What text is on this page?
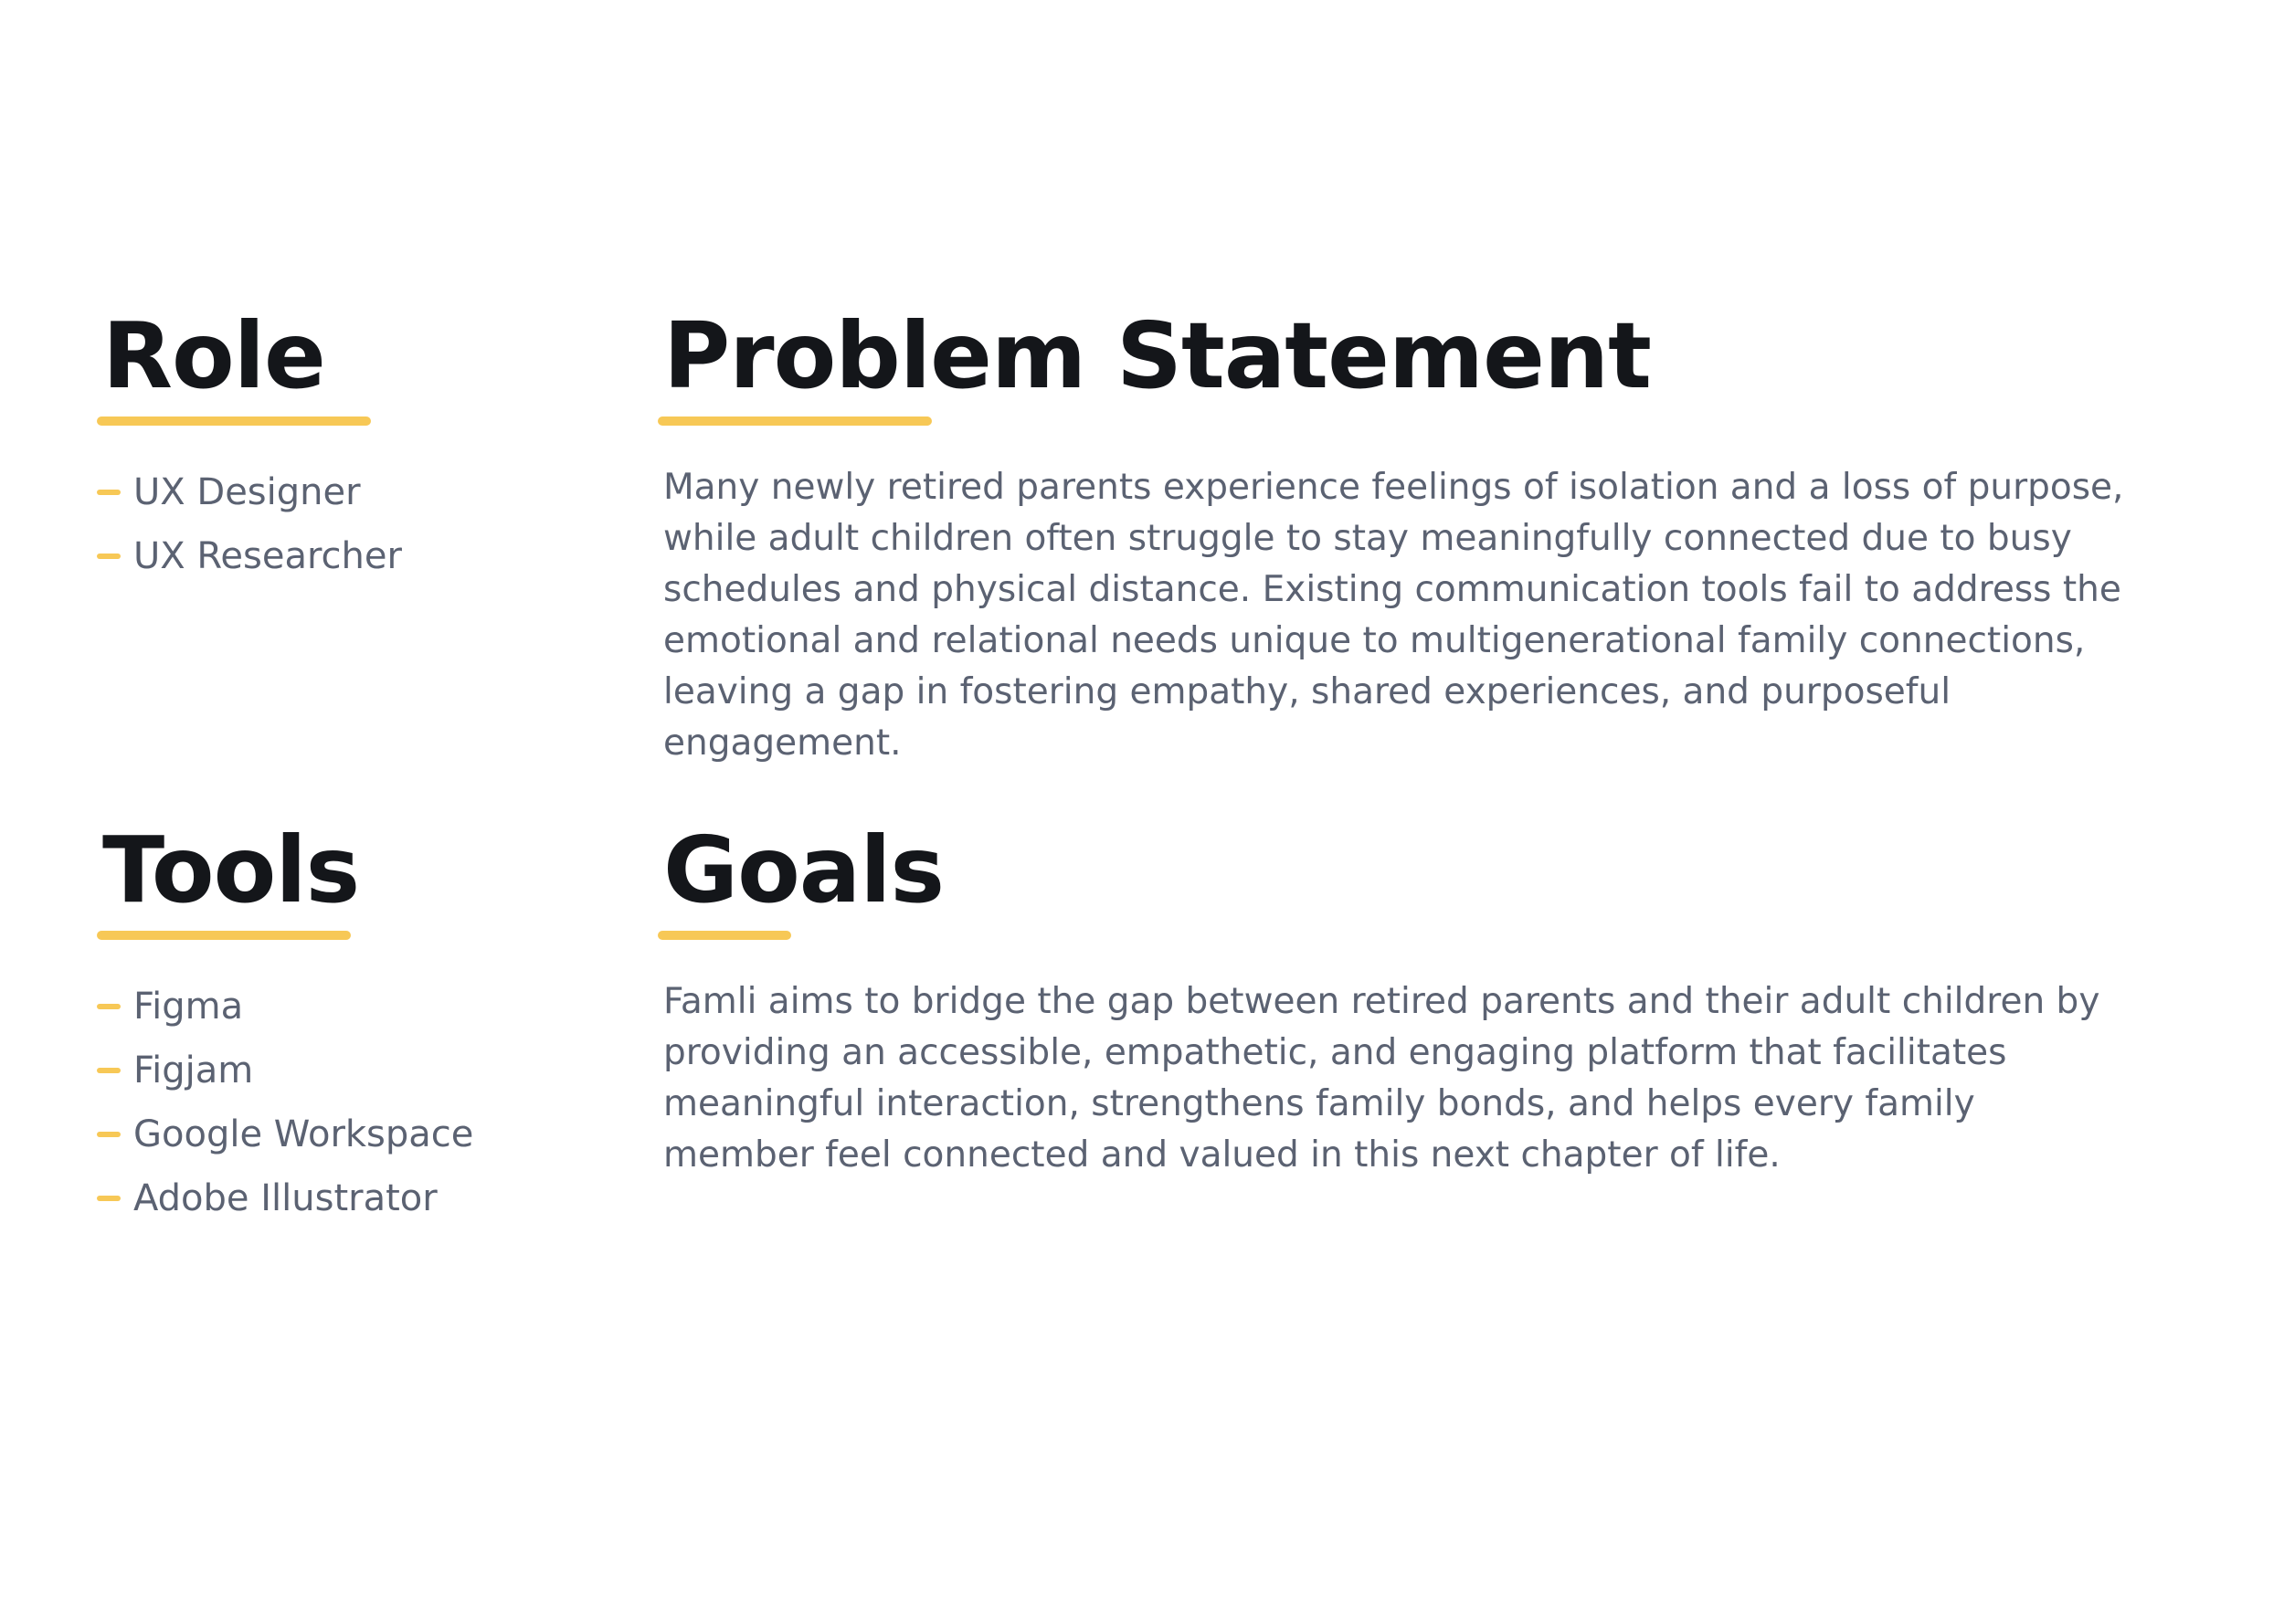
Role
UX Designer
UX Researcher
Problem Statement
Many newly retired parents experience feelings of isolation and a loss of purpose,
while adult children often struggle to stay meaningfully connected due to busy
schedules and physical distance. Existing communication tools fail to address the
emotional and relational needs unique to multigenerational family connections,
leaving a gap in fostering empathy, shared experiences, and purposeful
engagement.
Tools
Figma
Figjam
Google Workspace
Adobe Illustrator
Goals
Famli aims to bridge the gap between retired parents and their adult children by
providing an accessible, empathetic, and engaging platform that facilitates
meaningful interaction, strengthens family bonds, and helps every family
member feel connected and valued in this next chapter of life.
